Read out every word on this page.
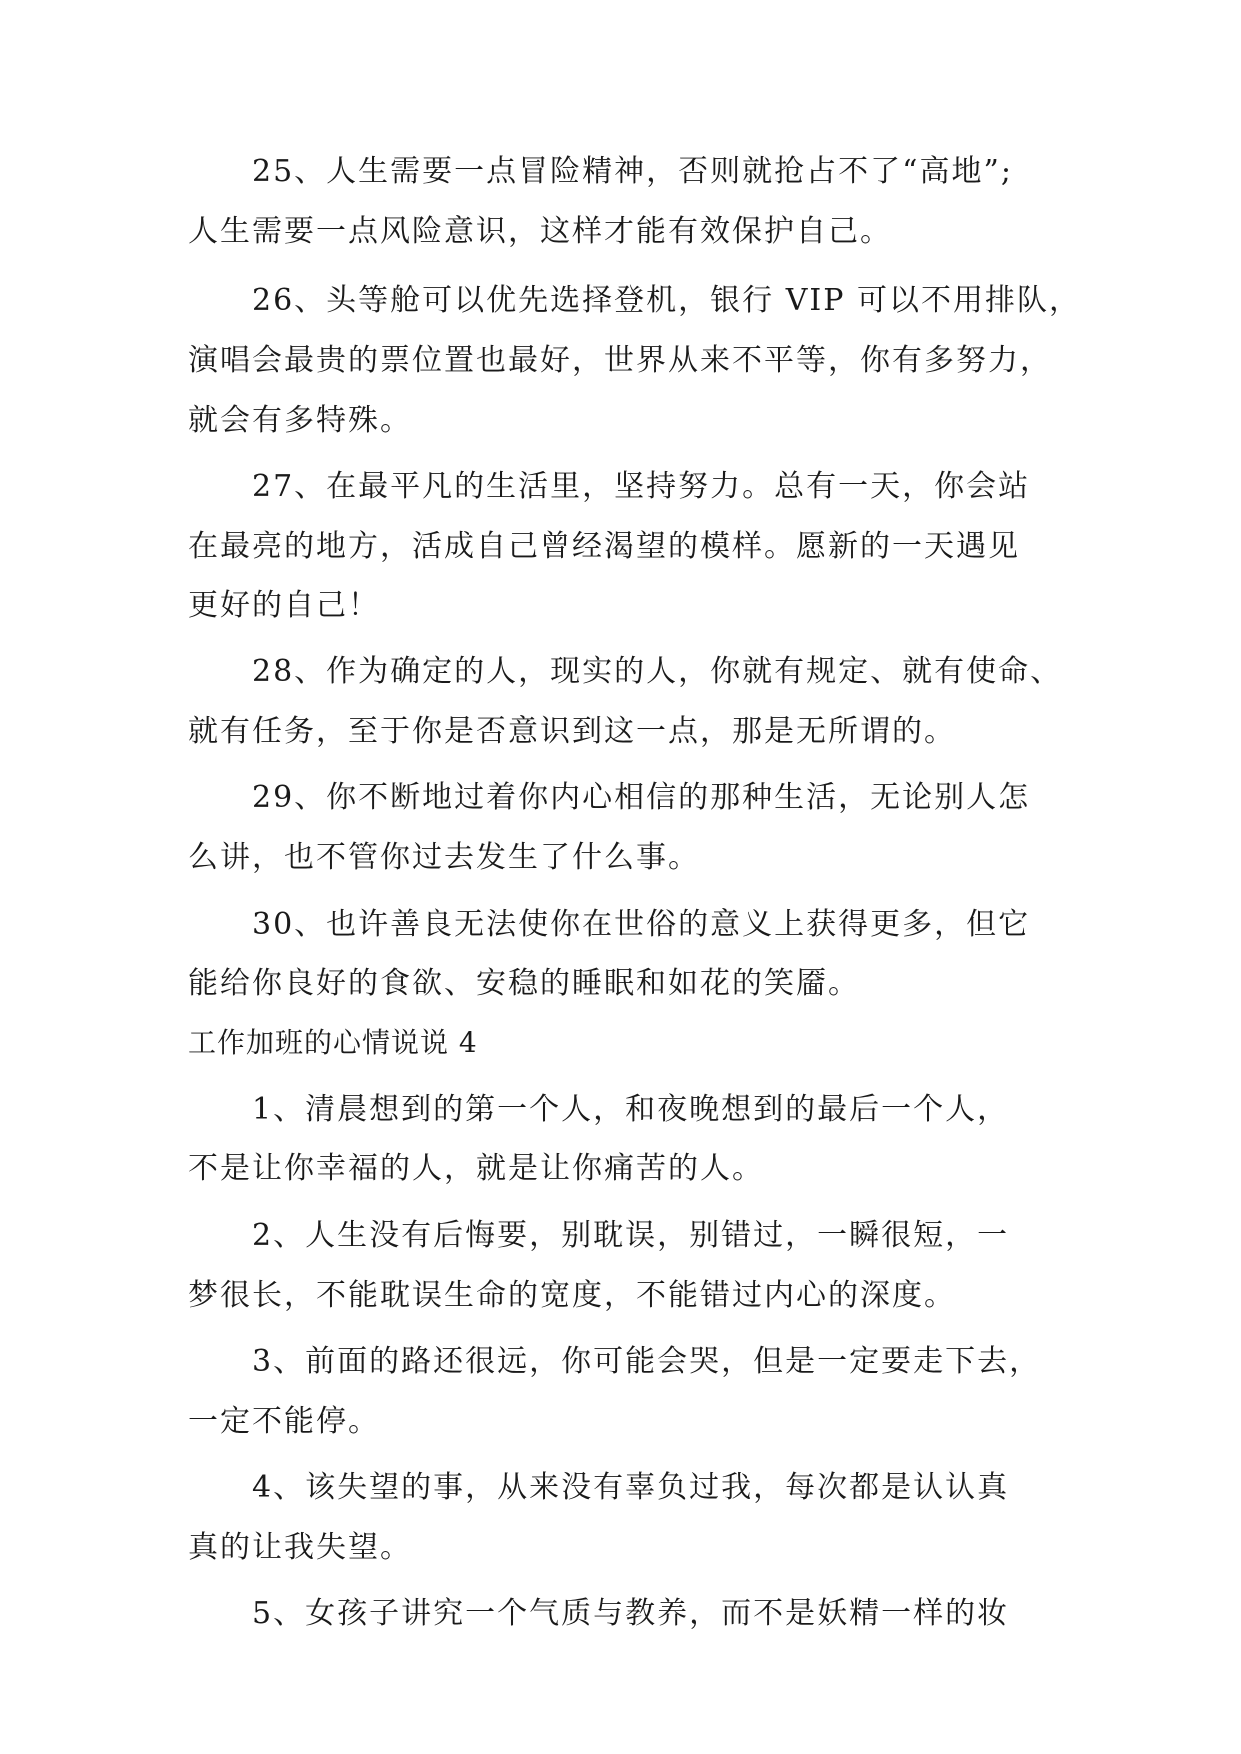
25、人生需要一点冒险精神，否则就抢占不了“高地”;

人生需要一点风险意识，这样才能有效保护自己。

26、头等舱可以优先选择登机，银行 VIP 可以不用排队，

演唱会最贵的票位置也最好，世界从来不平等，你有多努力，

就会有多特殊。

27、在最平凡的生活里，坚持努力。总有一天，你会站

在最亮的地方，活成自己曾经渴望的模样。愿新的一天遇见

更好的自己！

28、作为确定的人，现实的人，你就有规定、就有使命、

就有任务，至于你是否意识到这一点，那是无所谓的。

29、你不断地过着你内心相信的那种生活，无论别人怎

么讲，也不管你过去发生了什么事。

30、也许善良无法使你在世俗的意义上获得更多，但它

能给你良好的食欲、安稳的睡眠和如花的笑靥。

工作加班的心情说说 4

1、清晨想到的第一个人，和夜晚想到的最后一个人，

不是让你幸福的人，就是让你痛苦的人。

2、人生没有后悔要，别耽误，别错过，一瞬很短，一

梦很长，不能耽误生命的宽度，不能错过内心的深度。

3、前面的路还很远，你可能会哭，但是一定要走下去，

一定不能停。

4、该失望的事，从来没有辜负过我，每次都是认认真

真的让我失望。

5、女孩子讲究一个气质与教养，而不是妖精一样的妆
